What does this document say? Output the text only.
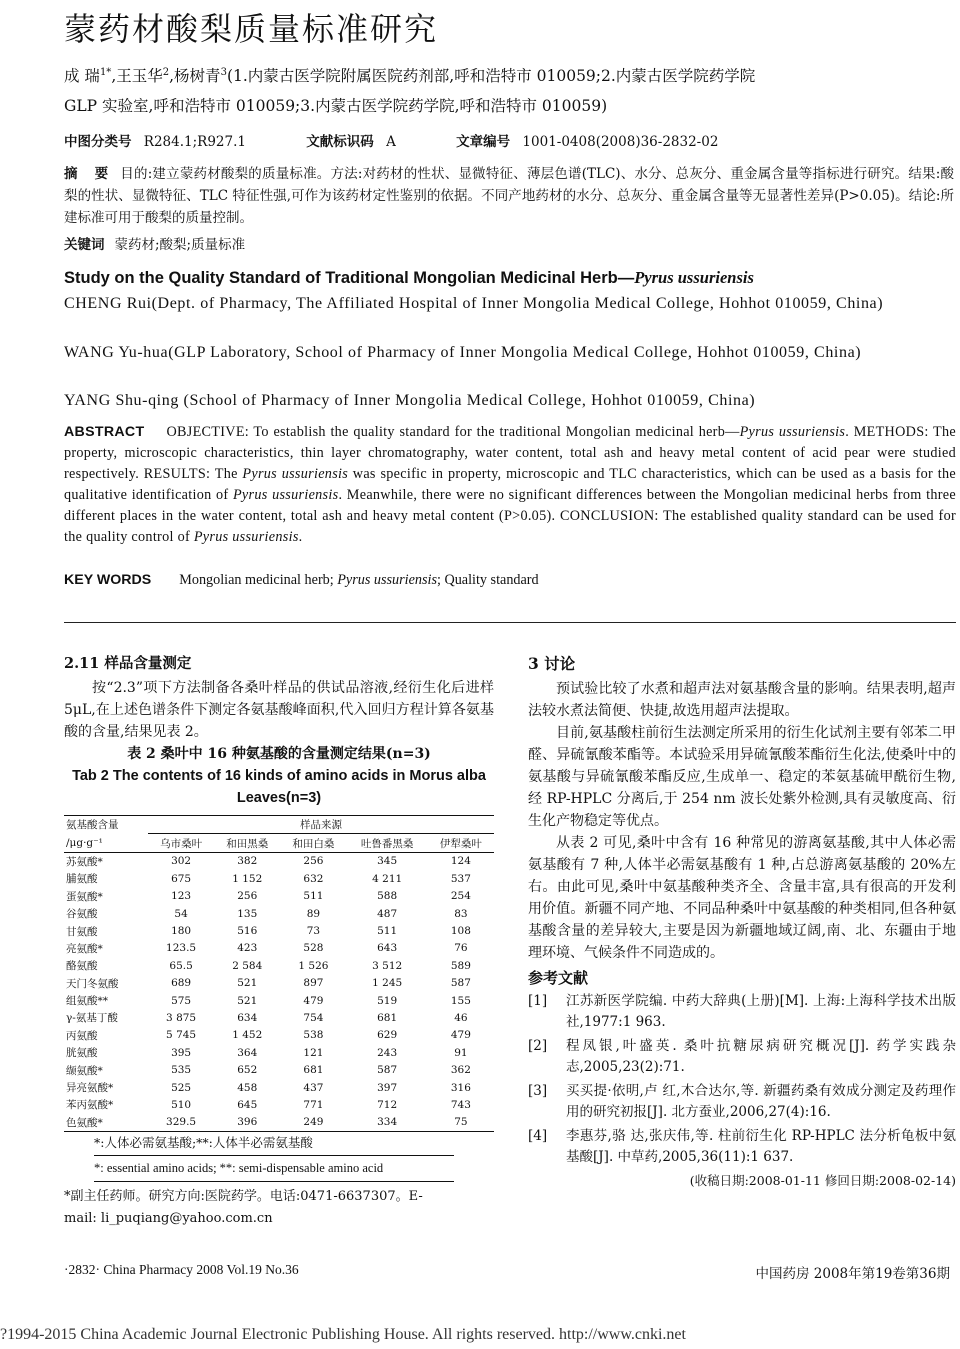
蒙药材酸梨质量标准研究
成 瑞$^{1*}$,王玉华$^2$,杨树青$^3$(1.内蒙古医学院附属医院药剂部,呼和浩特市 010059;2.内蒙古医学院药学院
GLP 实验室,呼和浩特市 010059;3.内蒙古医学院药学院,呼和浩特市 010059)
中图分类号 R284.1;R927.1	文献标识码 A	文章编号 1001-0408(2008)36-2832-02
摘 要 目的:建立蒙药材酸梨的质量标准。方法:对药材的性状、显微特征、薄层色谱(TLC)、水分、总灰分、重金属含量等指标进行研究。结果:酸梨的性状、显微特征、TLC 特征性强,可作为该药材定性鉴别的依据。不同产地药材的水分、总灰分、重金属含量等无显著性差异(P>0.05)。结论:所建标准可用于酸梨的质量控制。
关键词 蒙药材;酸梨;质量标准
Study on the Quality Standard of Traditional Mongolian Medicinal Herb—Pyrus ussuriensis
CHENG Rui(Dept. of Pharmacy, The Affiliated Hospital of Inner Mongolia Medical College, Hohhot 010059, China)
WANG Yu-hua(GLP Laboratory, School of Pharmacy of Inner Mongolia Medical College, Hohhot 010059, China)
YANG Shu-qing (School of Pharmacy of Inner Mongolia Medical College, Hohhot 010059, China)
ABSTRACT OBJECTIVE: To establish the quality standard for the traditional Mongolian medicinal herb—Pyrus ussuriensis. METHODS: The property, microscopic characteristics, thin layer chromatography, water content, total ash and heavy metal content of acid pear were studied respectively. RESULTS: The Pyrus ussuriensis was specific in property, microscopic and TLC characteristics, which can be used as a basis for the qualitative identification of Pyrus ussuriensis. Meanwhile, there were no significant differences between the Mongolian medicinal herbs from three different places in the water content, total ash and heavy metal content (P>0.05). CONCLUSION: The established quality standard can be used for the quality control of Pyrus ussuriensis.
KEY WORDS Mongolian medicinal herb; Pyrus ussuriensis; Quality standard
2.11 样品含量测定

按“2.3”项下方法制备各桑叶样品的供试品溶液,经衍生化后进样 5μL,在上述色谱条件下测定各氨基酸峰面积,代入回归方程计算各氨基酸的含量,结果见表 2。

表 2 桑叶中 16 种氨基酸的含量测定结果(n=3)
Tab 2 The contents of 16 kinds of amino acids in Morus alba Leaves(n=3)
氨基酸含量	样品来源				
/μg·g⁻¹	乌市桑叶	和田黑桑	和田白桑	吐鲁番黑桑	伊犁桑叶
苏氨酸*	302	382	256	345	124
脯氨酸	675	1 152	632	4 211	537
蛋氨酸*	123	256	511	588	254
谷氨酸	54	135	89	487	83
甘氨酸	180	516	73	511	108
亮氨酸*	123.5	423	528	643	76
酪氨酸	65.5	2 584	1 526	3 512	589
天门冬氨酸	689	521	897	1 245	587
组氨酸**	575	521	479	519	155
γ-氨基丁酸	3 875	634	754	681	46
丙氨酸	5 745	1 452	538	629	479
胱氨酸	395	364	121	243	91
缬氨酸*	535	652	681	587	362
异亮氨酸*	525	458	437	397	316
苯丙氨酸*	510	645	771	712	743
色氨酸*	329.5	396	249	334	75
*:人体必需氨基酸;**:人体半必需氨基酸
*: essential amino acids; **: semi-dispensable amino acid
*副主任药师。研究方向:医院药学。电话:0471-6637307。E-
mail: li_puqiang@yahoo.com.cn
3 讨论

预试验比较了水煮和超声法对氨基酸含量的影响。结果表明,超声法较水煮法简便、快捷,故选用超声法提取。

目前,氨基酸柱前衍生法测定所采用的衍生化试剂主要有邻苯二甲醛、异硫氰酸苯酯等。本试验采用异硫氰酸苯酯衍生化法,使桑叶中的氨基酸与异硫氰酸苯酯反应,生成单一、稳定的苯氨基硫甲酰衍生物,经 RP-HPLC 分离后,于 254 nm 波长处紫外检测,具有灵敏度高、衍生化产物稳定等优点。

从表 2 可见,桑叶中含有 16 种常见的游离氨基酸,其中人体必需氨基酸有 7 种,人体半必需氨基酸有 1 种,占总游离氨基酸的 20%左右。由此可见,桑叶中氨基酸种类齐全、含量丰富,具有很高的开发利用价值。新疆不同产地、不同品种桑叶中氨基酸的种类相同,但各种氨基酸含量的差异较大,主要是因为新疆地域辽阔,南、北、东疆由于地理环境、气候条件不同造成的。

参考文献
[1]	江苏新医学院编. 中药大辞典(上册)[M]. 上海:上海科学技术出版社,1977:1 963.
[2]	程凤银,叶盛英. 桑叶抗糖尿病研究概况[J]. 药学实践杂志,2005,23(2):71.
[3]	买买提·依明,卢 红,木合达尔,等. 新疆药桑有效成分测定及药理作用的研究初报[J]. 北方蚕业,2006,27(4):16.
[4]	李惠芬,骆 达,张庆伟,等. 柱前衍生化 RP-HPLC 法分析龟板中氨基酸[J]. 中草药,2005,36(11):1 637.
(收稿日期:2008-01-11 修回日期:2008-02-14)
·2832· China Pharmacy 2008 Vol.19 No.36	中国药房 2008年第19卷第36期
?1994-2015 China Academic Journal Electronic Publishing House. All rights reserved. http://www.cnki.net
